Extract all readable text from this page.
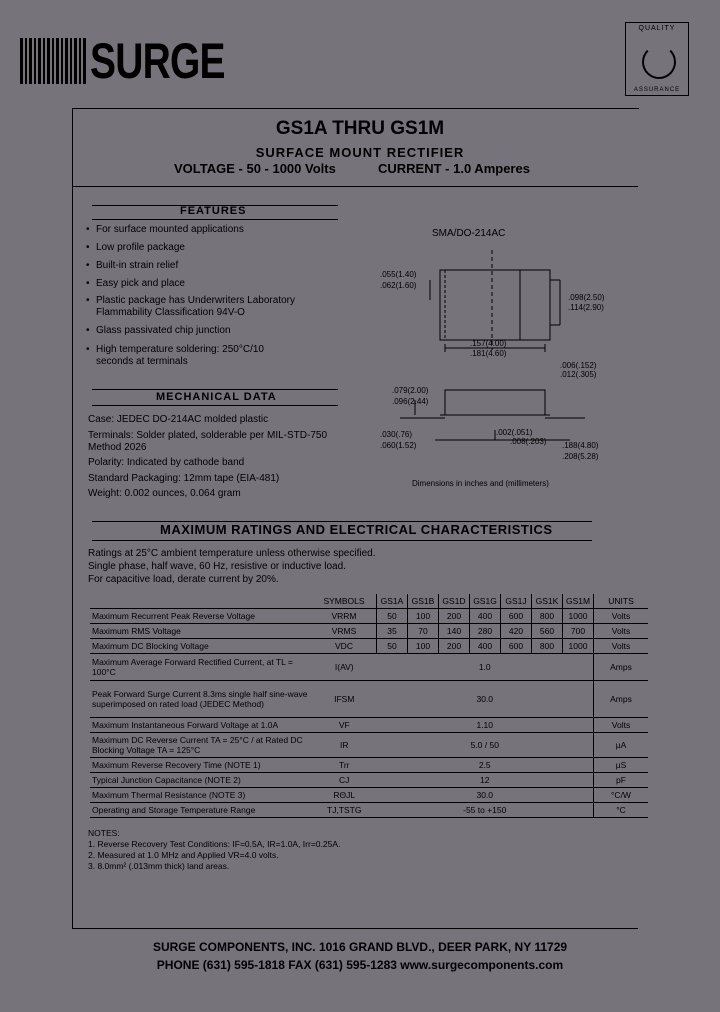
SURGE
QUALITY
ASSURANCE
GS1A THRU GS1M
SURFACE MOUNT RECTIFIER
VOLTAGE - 50 - 1000 Volts	CURRENT - 1.0 Amperes
FEATURES
• For surface mounted applications
• Low profile package
• Built-in strain relief
• Easy pick and place
• Plastic package has Underwriters Laboratory Flammability Classification 94V-O
• Glass passivated chip junction
• High temperature soldering: 250°C/10 seconds at terminals
SMA/DO-214AC
.055(1.40)
.062(1.60)
.098(2.50)
.114(2.90)
.157(4.00)
.181(4.60)
.006(.152)
.012(.305)
.079(2.00)
.096(2.44)
.030(.76)
.060(1.52)
.002(.051)
.008(.203) .188(4.80)
.208(5.28)
Dimensions in inches and (millimeters)
MECHANICAL DATA
Case: JEDEC DO-214AC molded plastic
Terminals: Solder plated, solderable per MIL-STD-750
Method 2026
Polarity: Indicated by cathode band
Standard Packaging: 12mm tape (EIA-481)
Weight: 0.002 ounces, 0.064 gram
MAXIMUM RATINGS AND ELECTRICAL CHARACTERISTICS
Ratings at 25°C ambient temperature unless otherwise specified.
Single phase, half wave, 60 Hz, resistive or inductive load.
For capacitive load, derate current by 20%.
	SYMBOLS	GS1A	GS1B	GS1D	GS1G	GS1J	GS1K	GS1M	UNITS
Maximum Recurrent Peak Reverse Voltage	VRRM	50	100	200	400	600	800	1000	Volts
Maximum RMS Voltage	VRMS	35	70	140	280	420	560	700	Volts
Maximum DC Blocking Voltage	VDC	50	100	200	400	600	800	1000	Volts
Maximum Average Forward Rectified Current, at TL = 100°C	I(AV)	1.0							Amps
Peak Forward Surge Current 8.3ms single half sine-wave superimposed on rated load (JEDEC Method)	IFSM	30.0							Amps
Maximum Instantaneous Forward Voltage at 1.0A	VF	1.10							Volts
Maximum DC Reverse Current TA = 25°C / at Rated DC Blocking Voltage TA = 125°C	IR	5.0 / 50							µA
Maximum Reverse Recovery Time (NOTE 1)	Trr	2.5							µS
Typical Junction Capacitance (NOTE 2)	CJ	12							pF
Maximum Thermal Resistance (NOTE 3)	RΘJL	30.0							°C/W
Operating and Storage Temperature Range	TJ,TSTG	-55 to +150							°C
NOTES:
1. Reverse Recovery Test Conditions: IF=0.5A, IR=1.0A, Irr=0.25A.
2. Measured at 1.0 MHz and Applied VR=4.0 volts.
3. 8.0mm² (.013mm thick) land areas.
SURGE COMPONENTS, INC. 1016 GRAND BLVD., DEER PARK, NY 11729
PHONE (631) 595-1818 FAX (631) 595-1283 www.surgecomponents.com
